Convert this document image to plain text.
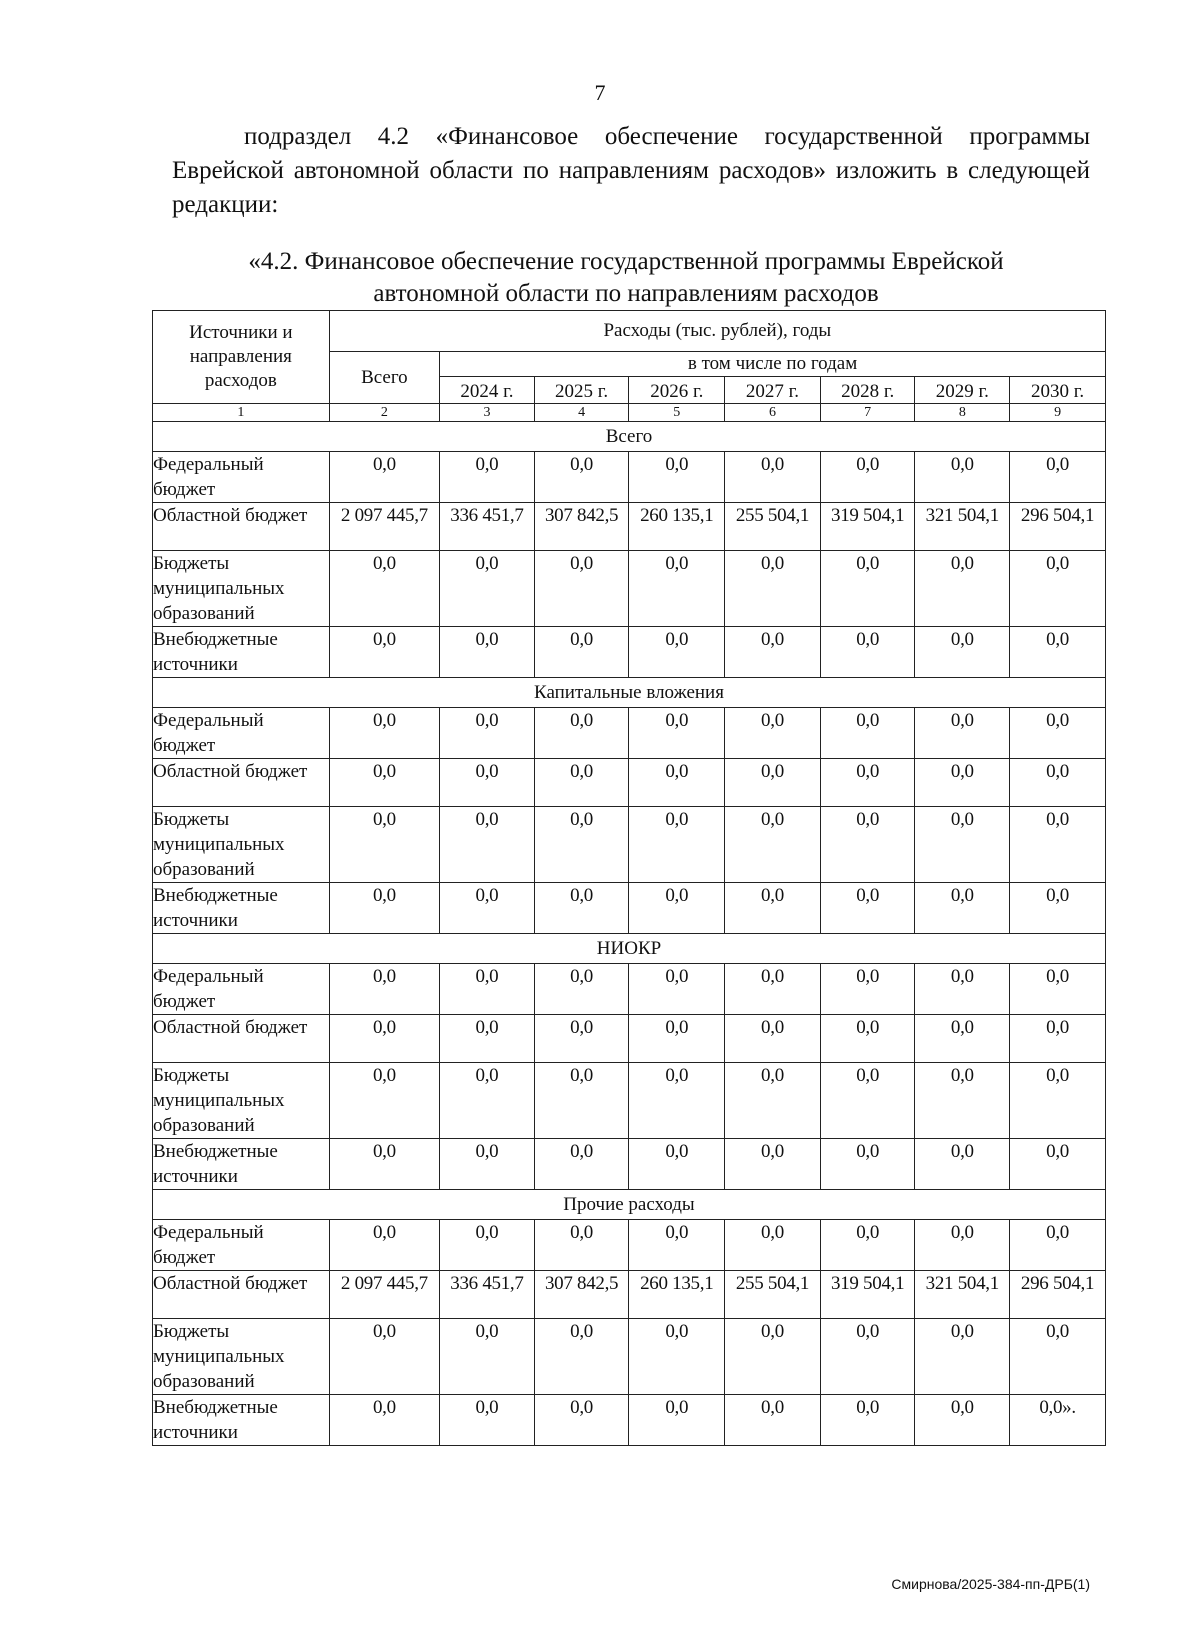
7

подраздел 4.2 «Финансовое обеспечение государственной программы Еврейской автономной области по направлениям расходов» изложить в следующей редакции:

«4.2. Финансовое обеспечение государственной программы Еврейской
автономной области по направлениям расходов
Источники и направления расходов	Расходы (тыс. рублей), годы							
	Всего	в том числе по годам						
		2024 г.	2025 г.	2026 г.	2027 г.	2028 г.	2029 г.	2030 г.
1	2	3	4	5	6	7	8	9
Всего								
Федеральный бюджет	0,0	0,0	0,0	0,0	0,0	0,0	0,0	0,0
Областной бюджет	2 097 445,7	336 451,7	307 842,5	260 135,1	255 504,1	319 504,1	321 504,1	296 504,1
Бюджеты муниципальных образований	0,0	0,0	0,0	0,0	0,0	0,0	0,0	0,0
Внебюджетные источники	0,0	0,0	0,0	0,0	0,0	0,0	0,0	0,0
Капитальные вложения								
Федеральный бюджет	0,0	0,0	0,0	0,0	0,0	0,0	0,0	0,0
Областной бюджет	0,0	0,0	0,0	0,0	0,0	0,0	0,0	0,0
Бюджеты муниципальных образований	0,0	0,0	0,0	0,0	0,0	0,0	0,0	0,0
Внебюджетные источники	0,0	0,0	0,0	0,0	0,0	0,0	0,0	0,0
НИОКР								
Федеральный бюджет	0,0	0,0	0,0	0,0	0,0	0,0	0,0	0,0
Областной бюджет	0,0	0,0	0,0	0,0	0,0	0,0	0,0	0,0
Бюджеты муниципальных образований	0,0	0,0	0,0	0,0	0,0	0,0	0,0	0,0
Внебюджетные источники	0,0	0,0	0,0	0,0	0,0	0,0	0,0	0,0
Прочие расходы								
Федеральный бюджет	0,0	0,0	0,0	0,0	0,0	0,0	0,0	0,0
Областной бюджет	2 097 445,7	336 451,7	307 842,5	260 135,1	255 504,1	319 504,1	321 504,1	296 504,1
Бюджеты муниципальных образований	0,0	0,0	0,0	0,0	0,0	0,0	0,0	0,0
Внебюджетные источники	0,0	0,0	0,0	0,0	0,0	0,0	0,0	0,0».
Смирнова/2025-384-пп-ДРБ(1)
